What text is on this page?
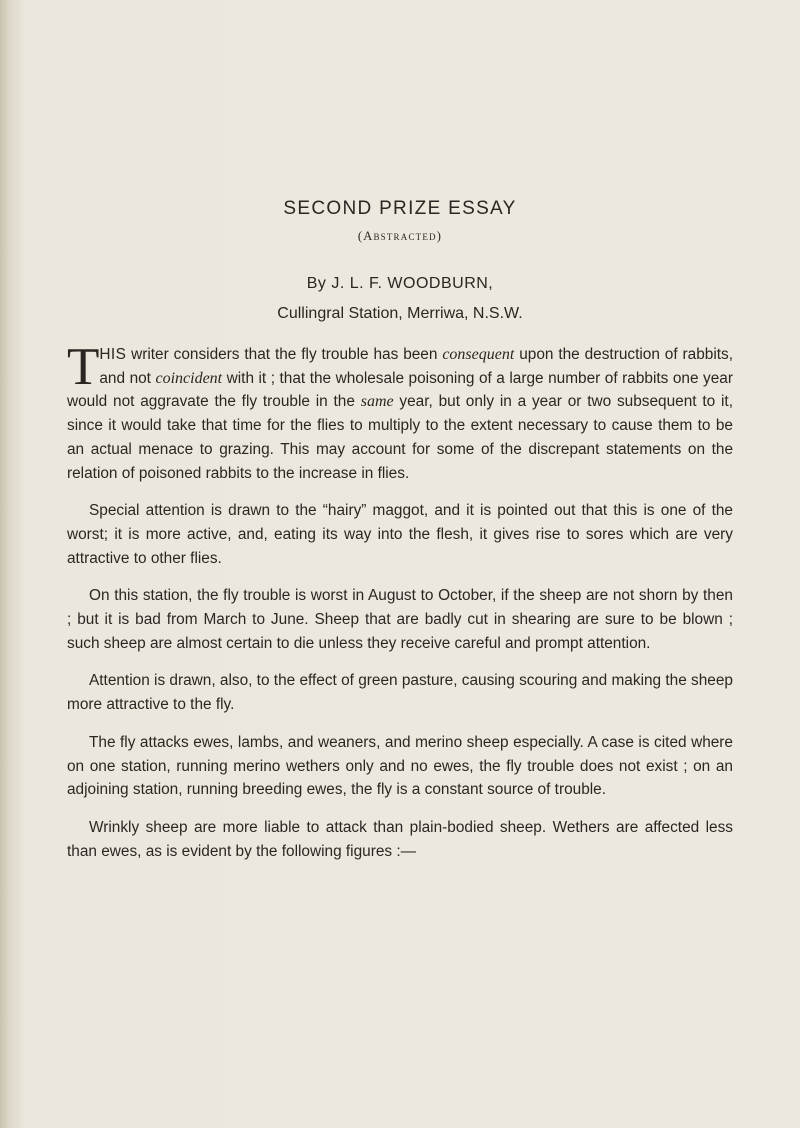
SECOND PRIZE ESSAY
(Abstracted)
By J. L. F. WOODBURN,
Cullingral Station, Merriwa, N.S.W.

THIS writer considers that the fly trouble has been consequent upon the destruction of rabbits, and not coincident with it ; that the wholesale poisoning of a large number of rabbits one year would not aggravate the fly trouble in the same year, but only in a year or two subsequent to it, since it would take that time for the flies to multiply to the extent necessary to cause them to be an actual menace to grazing. This may account for some of the discrepant statements on the relation of poisoned rabbits to the increase in flies.

Special attention is drawn to the “hairy” maggot, and it is pointed out that this is one of the worst; it is more active, and, eating its way into the flesh, it gives rise to sores which are very attractive to other flies.

On this station, the fly trouble is worst in August to October, if the sheep are not shorn by then ; but it is bad from March to June. Sheep that are badly cut in shearing are sure to be blown ; such sheep are almost certain to die unless they receive careful and prompt attention.

Attention is drawn, also, to the effect of green pasture, causing scouring and making the sheep more attractive to the fly.

The fly attacks ewes, lambs, and weaners, and merino sheep especially. A case is cited where on one station, running merino wethers only and no ewes, the fly trouble does not exist ; on an adjoining station, running breeding ewes, the fly is a constant source of trouble.

Wrinkly sheep are more liable to attack than plain-bodied sheep. Wethers are affected less than ewes, as is evident by the following figures :—
